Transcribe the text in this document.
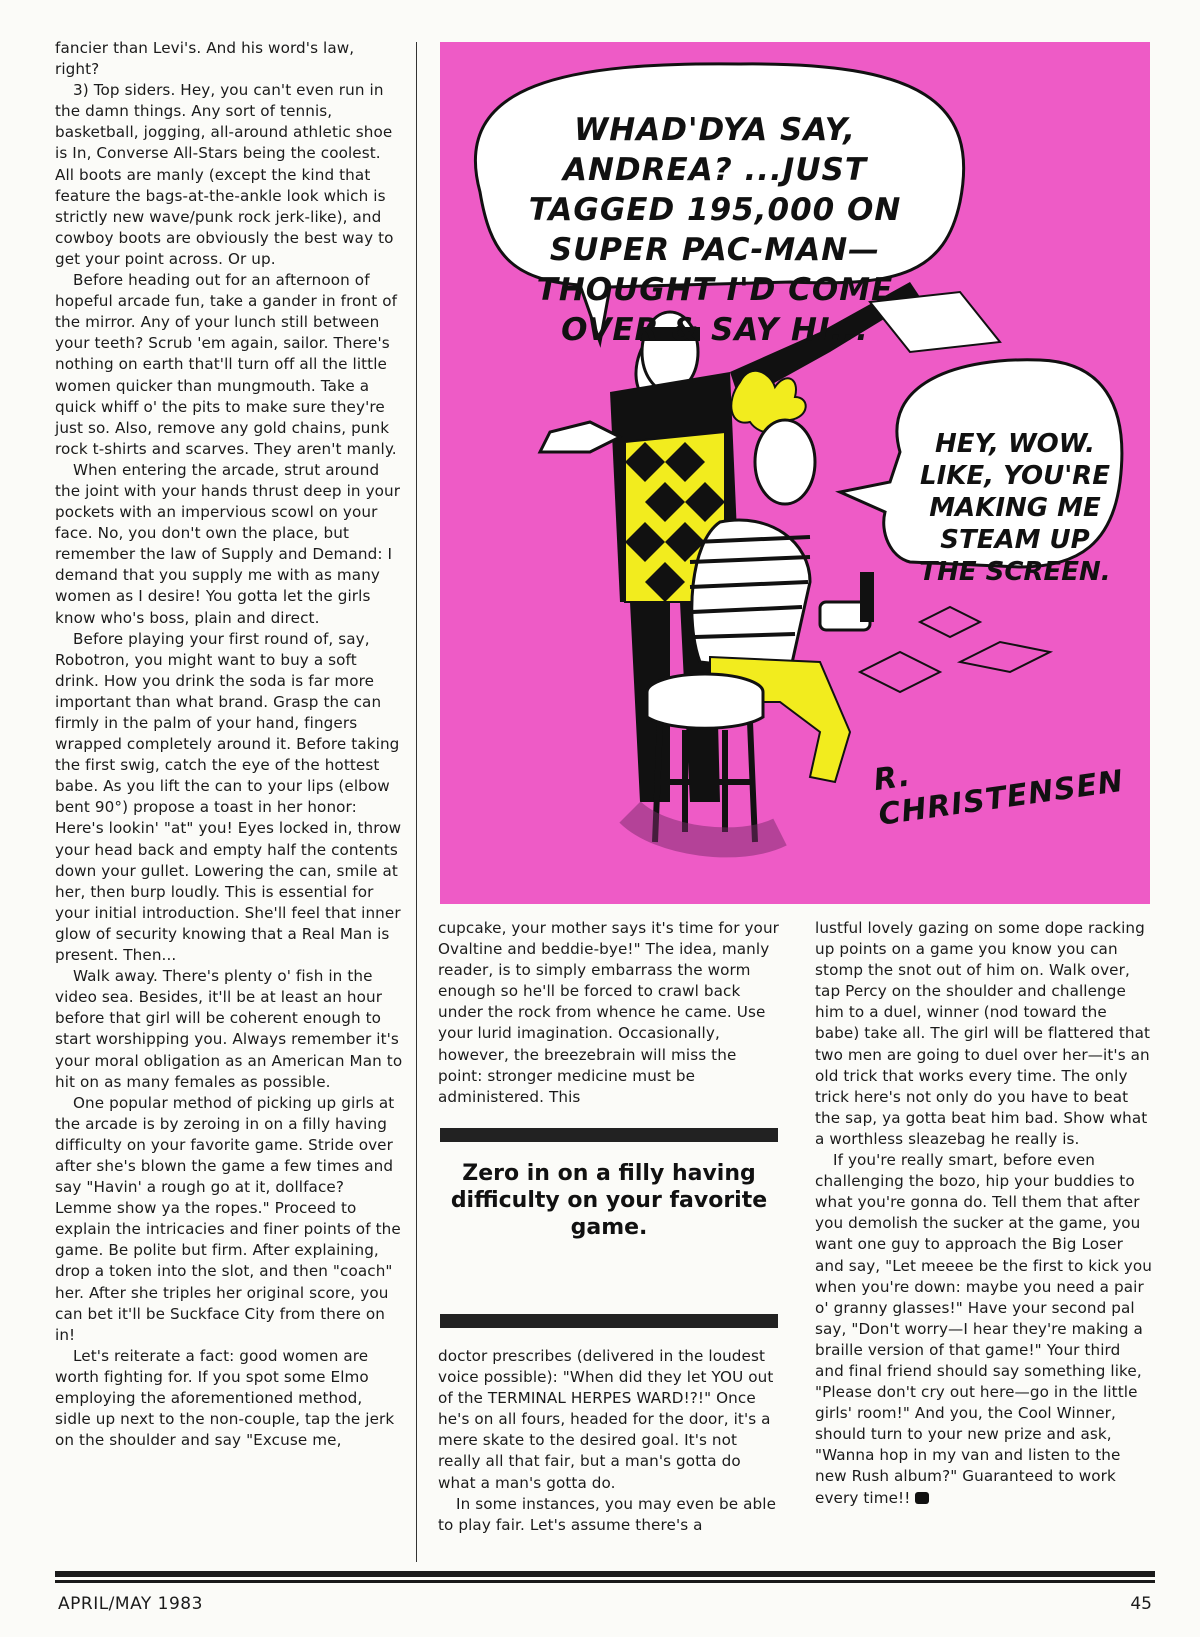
fancier than Levi's. And his word's law, right?

3) Top siders. Hey, you can't even run in the damn things. Any sort of tennis, basketball, jogging, all-around athletic shoe is In, Converse All-Stars being the coolest. All boots are manly (except the kind that feature the bags-at-the-ankle look which is strictly new wave/punk rock jerk-like), and cowboy boots are obviously the best way to get your point across. Or up.

Before heading out for an afternoon of hopeful arcade fun, take a gander in front of the mirror. Any of your lunch still between your teeth? Scrub 'em again, sailor. There's nothing on earth that'll turn off all the little women quicker than mungmouth. Take a quick whiff o' the pits to make sure they're just so. Also, remove any gold chains, punk rock t-shirts and scarves. They aren't manly.

When entering the arcade, strut around the joint with your hands thrust deep in your pockets with an impervious scowl on your face. No, you don't own the place, but remember the law of Supply and Demand: I demand that you supply me with as many women as I desire! You gotta let the girls know who's boss, plain and direct.

Before playing your first round of, say, Robotron, you might want to buy a soft drink. How you drink the soda is far more important than what brand. Grasp the can firmly in the palm of your hand, fingers wrapped completely around it. Before taking the first swig, catch the eye of the hottest babe. As you lift the can to your lips (elbow bent 90°) propose a toast in her honor: Here's lookin' "at" you! Eyes locked in, throw your head back and empty half the contents down your gullet. Lowering the can, smile at her, then burp loudly. This is essential for your initial introduction. She'll feel that inner glow of security knowing that a Real Man is present. Then...

Walk away. There's plenty o' fish in the video sea. Besides, it'll be at least an hour before that girl will be coherent enough to start worshipping you. Always remember it's your moral obligation as an American Man to hit on as many females as possible.

One popular method of picking up girls at the arcade is by zeroing in on a filly having difficulty on your favorite game. Stride over after she's blown the game a few times and say "Havin' a rough go at it, dollface? Lemme show ya the ropes." Proceed to explain the intricacies and finer points of the game. Be polite but firm. After explaining, drop a token into the slot, and then "coach" her. After she triples her original score, you can bet it'll be Suckface City from there on in!

Let's reiterate a fact: good women are worth fighting for. If you spot some Elmo employing the aforementioned method, sidle up next to the non-couple, tap the jerk on the shoulder and say "Excuse me,

WHAD'DYA SAY, ANDREA? ...JUST TAGGED 195,000 ON SUPER PAC-MAN—THOUGHT I'D COME OVER & SAY HI...
HEY, WOW. LIKE, YOU'RE MAKING ME STEAM UP THE SCREEN.
R. CHRISTENSEN

cupcake, your mother says it's time for your Ovaltine and beddie-bye!" The idea, manly reader, is to simply embarrass the worm enough so he'll be forced to crawl back under the rock from whence he came. Use your lurid imagination. Occasionally, however, the breezebrain will miss the point: stronger medicine must be administered. This

Zero in on a filly having difficulty on your favorite game.

doctor prescribes (delivered in the loudest voice possible): "When did they let YOU out of the TERMINAL HERPES WARD!?!" Once he's on all fours, headed for the door, it's a mere skate to the desired goal. It's not really all that fair, but a man's gotta do what a man's gotta do.

In some instances, you may even be able to play fair. Let's assume there's a

lustful lovely gazing on some dope racking up points on a game you know you can stomp the snot out of him on. Walk over, tap Percy on the shoulder and challenge him to a duel, winner (nod toward the babe) take all. The girl will be flattered that two men are going to duel over her—it's an old trick that works every time. The only trick here's not only do you have to beat the sap, ya gotta beat him bad. Show what a worthless sleazebag he really is.

If you're really smart, before even challenging the bozo, hip your buddies to what you're gonna do. Tell them that after you demolish the sucker at the game, you want one guy to approach the Big Loser and say, "Let meeee be the first to kick you when you're down: maybe you need a pair o' granny glasses!" Have your second pal say, "Don't worry—I hear they're making a braille version of that game!" Your third and final friend should say something like, "Please don't cry out here—go in the little girls' room!" And you, the Cool Winner, should turn to your new prize and ask, "Wanna hop in my van and listen to the new Rush album?" Guaranteed to work every time!!

APRIL/MAY 1983	45
